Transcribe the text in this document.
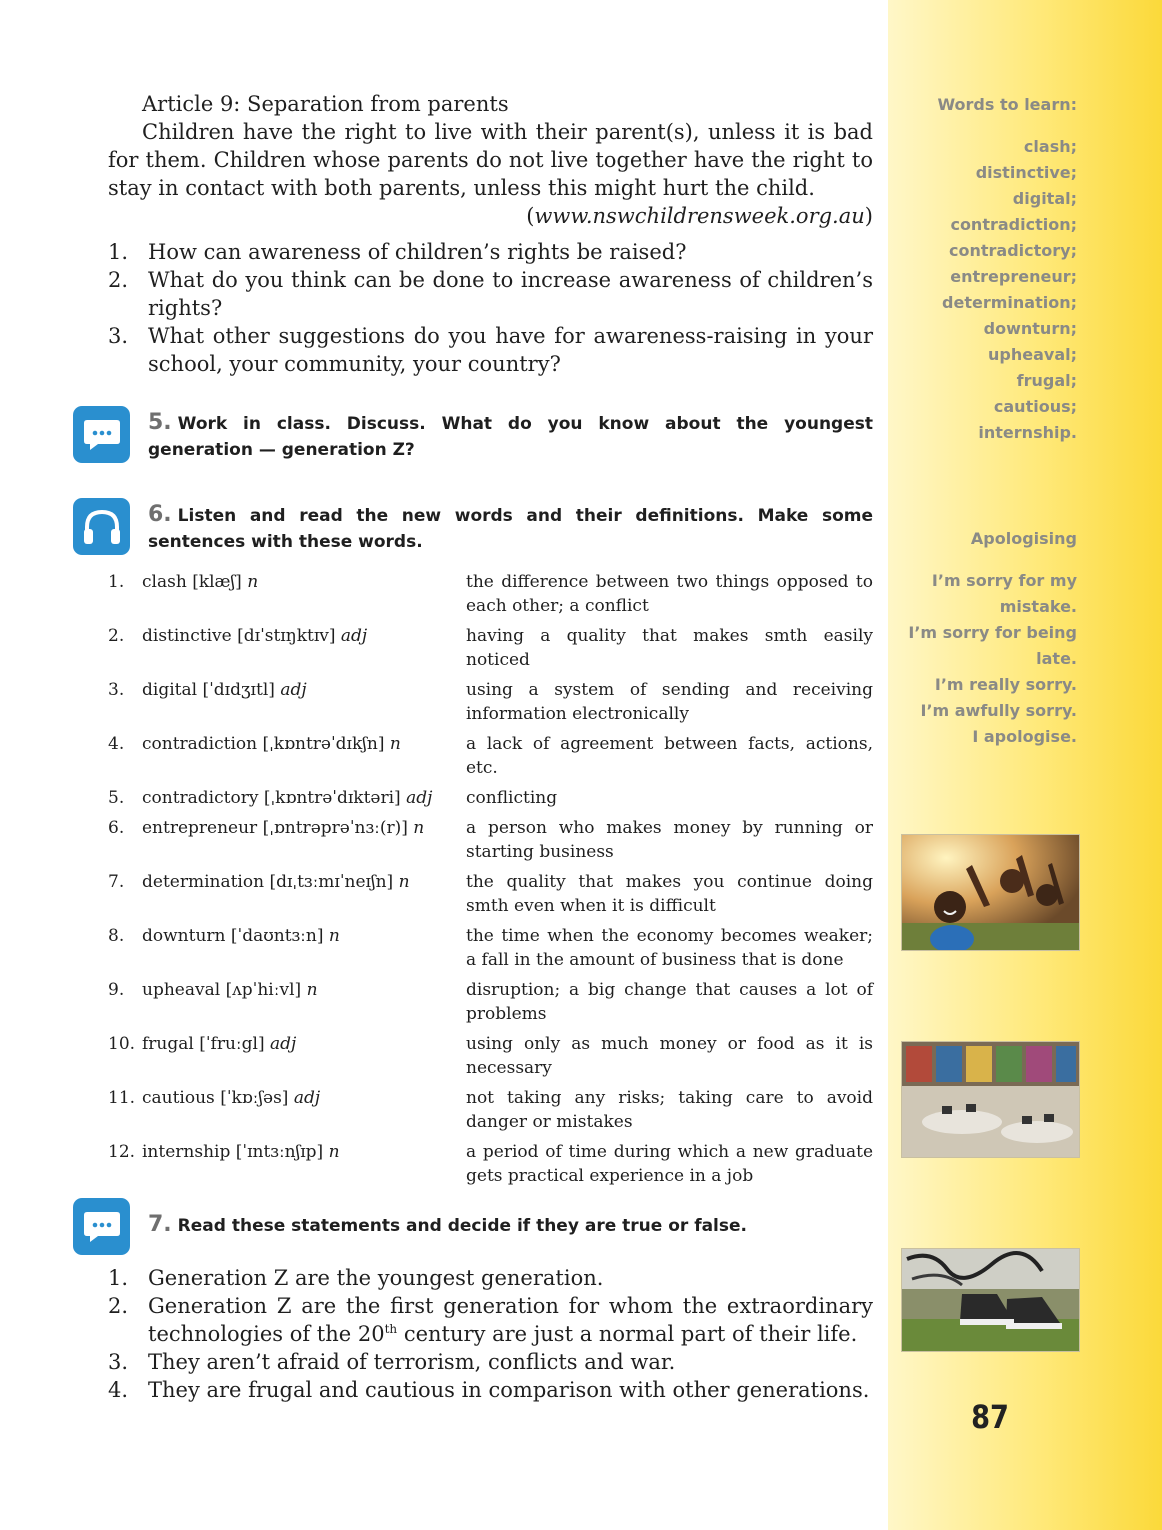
Words to learn:
clash;
distinctive;
digital;
contradiction;
contradictory;
entrepreneur;
determination;
downturn;
upheaval;
frugal;
cautious;
internship.
Apologising
I’m sorry for my
mistake.
I’m sorry for being
late.
I’m really sorry.
I’m awfully sorry.
I apologise.
87

Article 9: Separation from parents

Children have the right to live with their parent(s), unless it is bad for them. Children whose parents do not live together have the right to stay in contact with both parents, unless this might hurt the child.

(www.nswchildrensweek.org.au)
1. How can awareness of children’s rights be raised?
2. What do you think can be done to increase awareness of children’s rights?
3. What other suggestions do you have for awareness-raising in your school, your community, your country?
5. Work in class. Discuss. What do you know about the youngest generation — generation Z?
6. Listen and read the new words and their definitions. Make some sentences with these words.
1.	clash [klæʃ] n	the difference between two things opposed to each other; a conflict
2.	distinctive [dɪˈstɪŋktɪv] adj	having a quality that makes smth easily noticed
3.	digital [ˈdɪdʒɪtl] adj	using a system of sending and receiving information electronically
4.	contradiction [ˌkɒntrəˈdɪkʃn] n	a lack of agreement between facts, actions, etc.
5.	contradictory [ˌkɒntrəˈdɪktəri] adj	conflicting
6.	entrepreneur [ˌɒntrəprəˈnɜː(r)] n	a person who makes money by running or starting business
7.	determination [dɪˌtɜːmɪˈneɪʃn] n	the quality that makes you continue doing smth even when it is difficult
8.	downturn [ˈdaʊntɜːn] n	the time when the economy becomes weaker; a fall in the amount of business that is done
9.	upheaval [ʌpˈhiːvl] n	disruption; a big change that causes a lot of problems
10. frugal [ˈfruːgl] adj	using only as much money or food as it is necessary
11. cautious [ˈkɒːʃəs] adj	not taking any risks; taking care to avoid danger or mistakes
12. internship [ˈɪntɜːnʃɪp] n	a period of time during which a new graduate gets practical experience in a job
7. Read these statements and decide if they are true or false.
1. Generation Z are the youngest generation.
2. Generation Z are the first generation for whom the extraordinary technologies of the 20th century are just a normal part of their life.
3. They aren’t afraid of terrorism, conflicts and war.
4. They are frugal and cautious in comparison with other generations.
